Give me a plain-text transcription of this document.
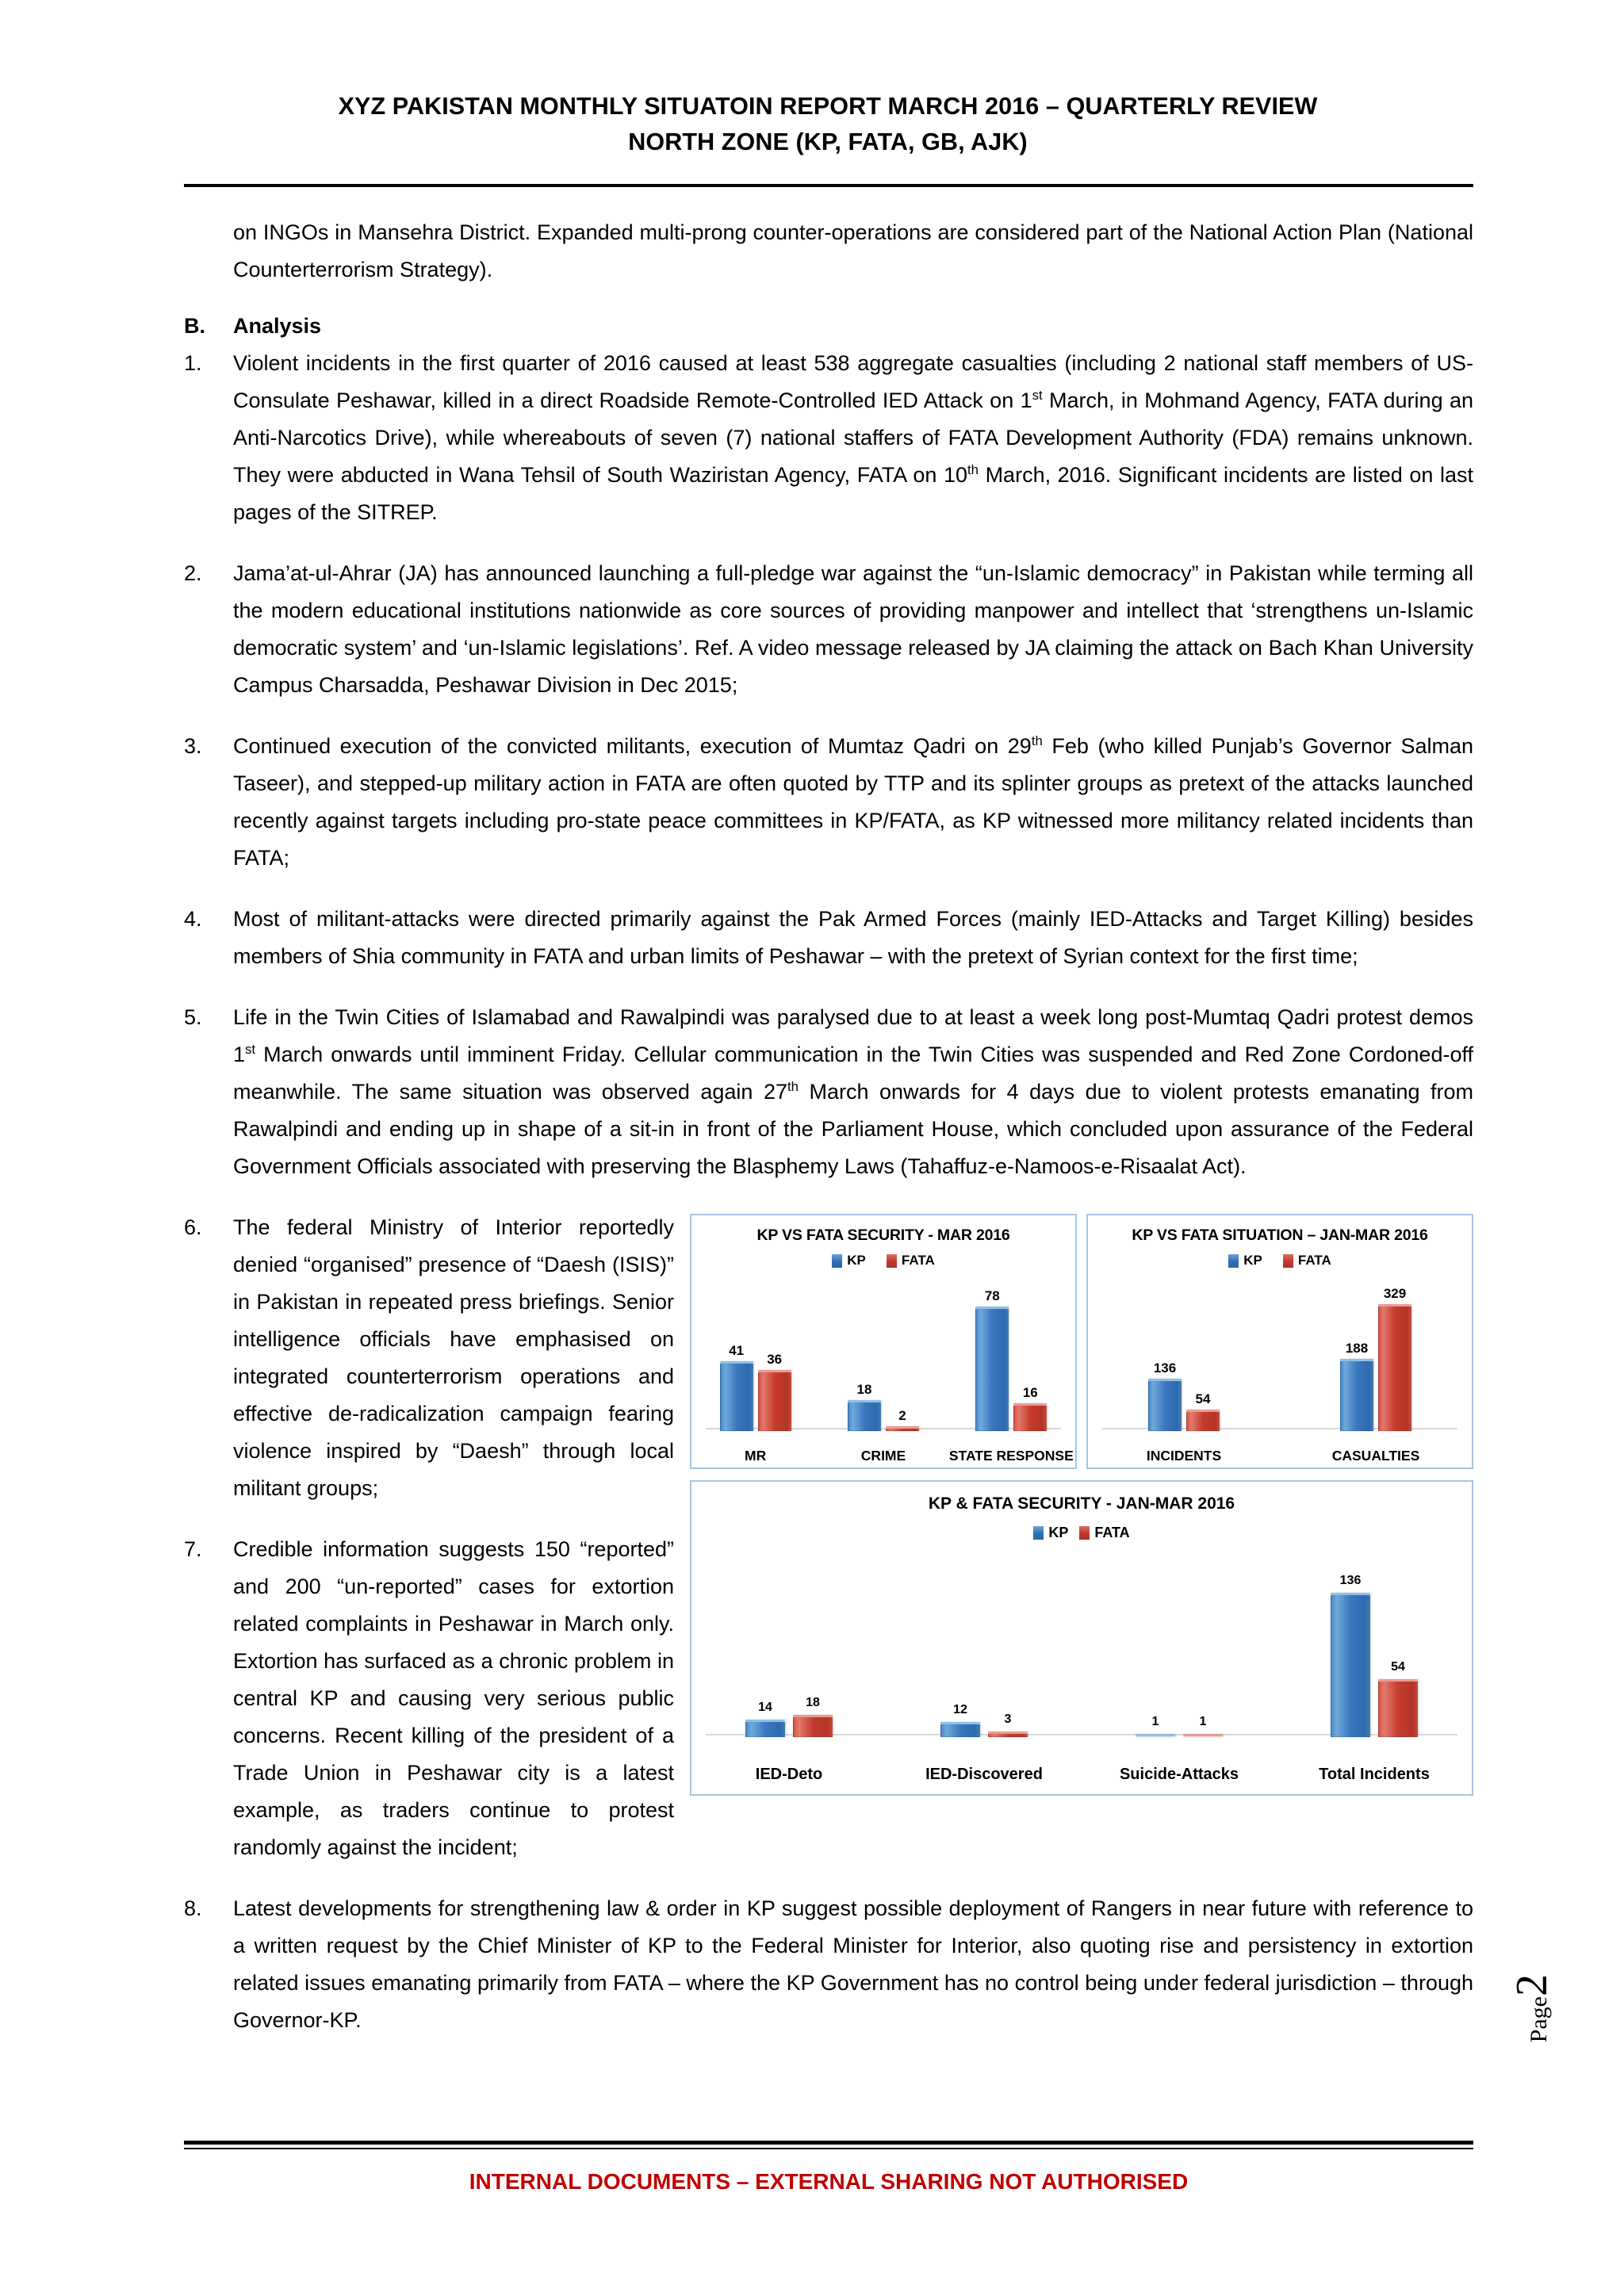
XYZ PAKISTAN MONTHLY SITUATOIN REPORT MARCH 2016 – QUARTERLY REVIEW
NORTH ZONE (KP, FATA, GB, AJK)
on INGOs in Mansehra District. Expanded multi-prong counter-operations are considered part of the National Action Plan (National Counterterrorism Strategy).
B. Analysis
1. Violent incidents in the first quarter of 2016 caused at least 538 aggregate casualties (including 2 national staff members of US-Consulate Peshawar, killed in a direct Roadside Remote-Controlled IED Attack on 1st March, in Mohmand Agency, FATA during an Anti-Narcotics Drive), while whereabouts of seven (7) national staffers of FATA Development Authority (FDA) remains unknown. They were abducted in Wana Tehsil of South Waziristan Agency, FATA on 10th March, 2016. Significant incidents are listed on last pages of the SITREP.
2. Jama’at-ul-Ahrar (JA) has announced launching a full-pledge war against the “un-Islamic democracy” in Pakistan while terming all the modern educational institutions nationwide as core sources of providing manpower and intellect that ‘strengthens un-Islamic democratic system’ and ‘un-Islamic legislations’. Ref. A video message released by JA claiming the attack on Bach Khan University Campus Charsadda, Peshawar Division in Dec 2015;
3. Continued execution of the convicted militants, execution of Mumtaz Qadri on 29th Feb (who killed Punjab’s Governor Salman Taseer), and stepped-up military action in FATA are often quoted by TTP and its splinter groups as pretext of the attacks launched recently against targets including pro-state peace committees in KP/FATA, as KP witnessed more militancy related incidents than FATA;
4. Most of militant-attacks were directed primarily against the Pak Armed Forces (mainly IED-Attacks and Target Killing) besides members of Shia community in FATA and urban limits of Peshawar – with the pretext of Syrian context for the first time;
5. Life in the Twin Cities of Islamabad and Rawalpindi was paralysed due to at least a week long post-Mumtaq Qadri protest demos 1st March onwards until imminent Friday. Cellular communication in the Twin Cities was suspended and Red Zone Cordoned-off meanwhile. The same situation was observed again 27th March onwards for 4 days due to violent protests emanating from Rawalpindi and ending up in shape of a sit-in in front of the Parliament House, which concluded upon assurance of the Federal Government Officials associated with preserving the Blasphemy Laws (Tahaffuz-e-Namoos-e-Risaalat Act).
KP VS FATA SECURITY - MAR 2016
KP	FATA
41
36
MR
18
2
CRIME
78
16
STATE RESPONSE
KP VS FATA SITUATION – JAN-MAR 2016
KP	FATA
136
54
INCIDENTS
188
329
CASUALTIES
KP & FATA SECURITY - JAN-MAR 2016
KP FATA
14	18
IED-Deto
12
3
IED-Discovered
1	1
Suicide-Attacks
136
54
Total Incidents
6. The federal Ministry of Interior reportedly denied “organised” presence of “Daesh (ISIS)” in Pakistan in repeated press briefings. Senior intelligence officials have emphasised on integrated counterterrorism operations and effective de-radicalization campaign fearing violence inspired by “Daesh” through local militant groups;
7. Credible information suggests 150 “reported” and 200 “un-reported” cases for extortion related complaints in Peshawar in March only. Extortion has surfaced as a chronic problem in central KP and causing very serious public concerns. Recent killing of the president of a Trade Union in Peshawar city is a latest example, as traders continue to protest randomly against the incident;
8. Latest developments for strengthening law & order in KP suggest possible deployment of Rangers in near future with reference to a written request by the Chief Minister of KP to the Federal Minister for Interior, also quoting rise and persistency in extortion related issues emanating primarily from FATA – where the KP Government has no control being under federal jurisdiction – through Governor-KP.	Page2
INTERNAL DOCUMENTS – EXTERNAL SHARING NOT AUTHORISED
